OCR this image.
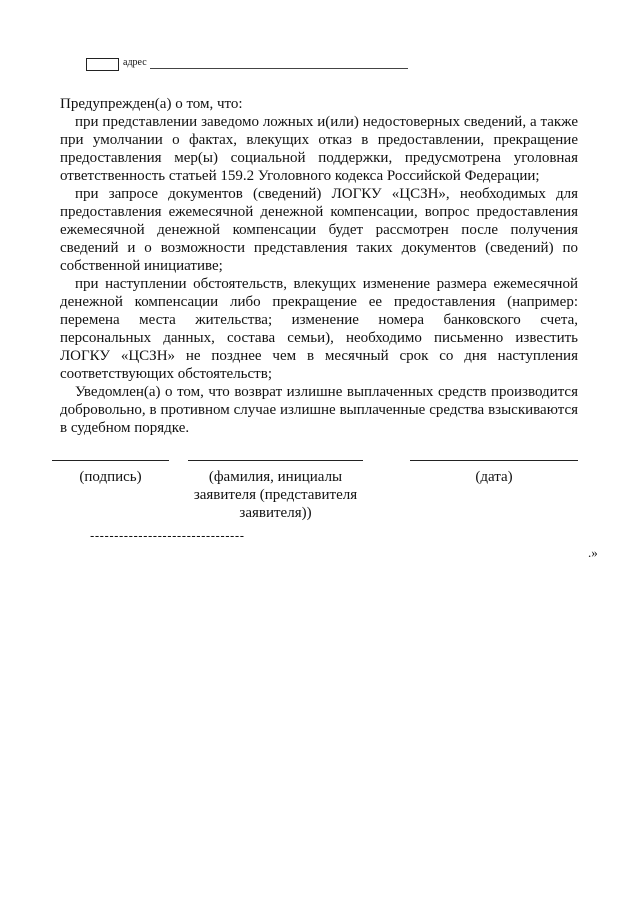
адрес

Предупрежден(а) о том, что:

при представлении заведомо ложных и(или) недостоверных сведений, а также при умолчании о фактах, влекущих отказ в предоставлении, прекращение предоставления мер(ы) социальной поддержки, предусмотрена уголовная ответственность статьей 159.2 Уголовного кодекса Российской Федерации;

при запросе документов (сведений) ЛОГКУ «ЦСЗН», необходимых для предоставления ежемесячной денежной компенсации, вопрос предоставления ежемесячной денежной компенсации будет рассмотрен после получения сведений и о возможности представления таких документов (сведений) по собственной инициативе;

при наступлении обстоятельств, влекущих изменение размера ежемесячной денежной компенсации либо прекращение ее предоставления (например: перемена места жительства; изменение номера банковского счета, персональных данных, состава семьи), необходимо письменно известить ЛОГКУ «ЦСЗН» не позднее чем в месячный срок со дня наступления соответствующих обстоятельств;

Уведомлен(а) о том, что возврат излишне выплаченных средств производится добровольно, в противном случае излишне выплаченные средства взыскиваются в судебном порядке.

(подпись)	(фамилия, инициалы заявителя (представителя заявителя))
(дата)
--------------------------------
.»
